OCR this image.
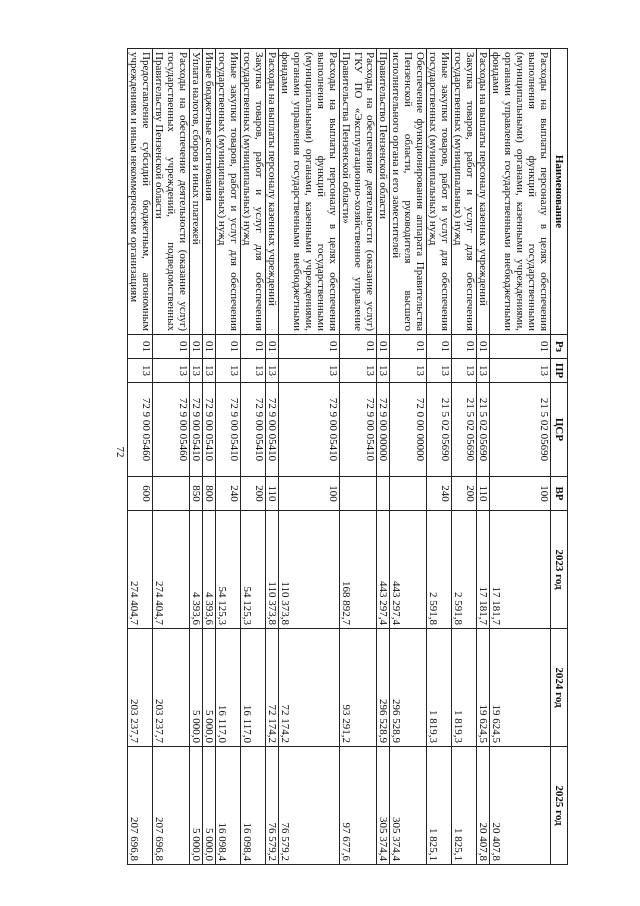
72
Наименование	Рз	ПР	ЦСР	ВР	2023 год	2024 год	2025 год
Расходы на выплаты персоналу в целях обеспечения выполнения функций государственными (муниципальными) органами, казенными учреждениями, органами управления государственными внебюджетными фондами	01	13	21 5 02 05690	100	17 181,7	19 624,5	20 407,8
Расходы на выплаты персоналу казенных учреждений	01	13	21 5 02 05690	110	17 181,7	19 624,5	20 407,8
Закупка товаров, работ и услуг для обеспечения государственных (муниципальных) нужд	01	13	21 5 02 05690	200	2 591,8	1 819,3	1 825,1
Иные закупки товаров, работ и услуг для обеспечения государственных (муниципальных) нужд	01	13	21 5 02 05690	240	2 591,8	1 819,3	1 825,1
Обеспечение функционирования аппарата Правительства Пензенской области, руководителя высшего исполнительного органа и его заместителей	01	13	72 0 00 00000		443 297,4	296 528,9	305 374,4
Правительство Пензенской области	01	13	72 9 00 00000		443 297,4	296 528,9	305 374,4
Расходы на обеспечение деятельности (оказание услуг) ГКУ ПО «Эксплуатационно-хозяйственное управление Правительства Пензенской области»	01	13	72 9 00 05410		168 892,7	93 291,2	97 677,6
Расходы на выплаты персоналу в целях обеспечения выполнения функций государственными (муниципальными) органами, казенными учреждениями, органами управления государственными внебюджетными фондами	01	13	72 9 00 05410	100	110 373,8	72 174,2	76 579,2
Расходы на выплаты персоналу казенных учреждений	01	13	72 9 00 05410	110	110 373,8	72 174,2	76 579,2
Закупка товаров, работ и услуг для обеспечения государственных (муниципальных) нужд	01	13	72 9 00 05410	200	54 125,3	16 117,0	16 098,4
Иные закупки товаров, работ и услуг для обеспечения государственных (муниципальных) нужд	01	13	72 9 00 05410	240	54 125,3	16 117,0	16 098,4
Иные бюджетные ассигнования	01	13	72 9 00 05410	800	4 393,6	5 000,0	5 000,0
Уплата налогов, сборов и иных платежей	01	13	72 9 00 05410	850	4 393,6	5 000,0	5 000,0
Расходы на обеспечение деятельности (оказание услуг) государственных учреждений, подведомственных Правительству Пензенской области	01	13	72 9 00 05460		274 404,7	203 237,7	207 696,8
Предоставление субсидий бюджетным, автономным учреждениям и иным некоммерческим организациям	01	13	72 9 00 05460	600	274 404,7	203 237,7	207 696,8
